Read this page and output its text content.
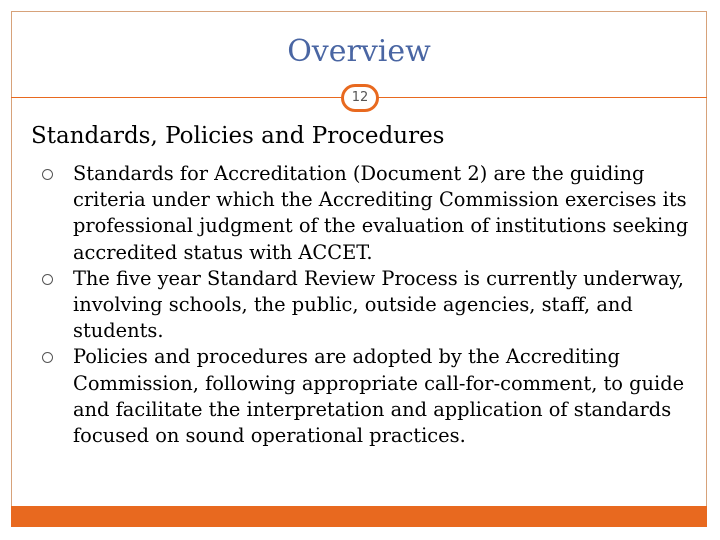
Overview
12
Standards, Policies and Procedures
Standards for Accreditation (Document 2) are the guiding criteria under which the Accrediting Commission exercises its professional judgment of the evaluation of institutions seeking accredited status with ACCET.
The five year Standard Review Process is currently underway, involving schools, the public, outside agencies, staff, and students.
Policies and procedures are adopted by the Accrediting Commission, following appropriate call-for-comment, to guide and facilitate the interpretation and application of standards focused on sound operational practices.
